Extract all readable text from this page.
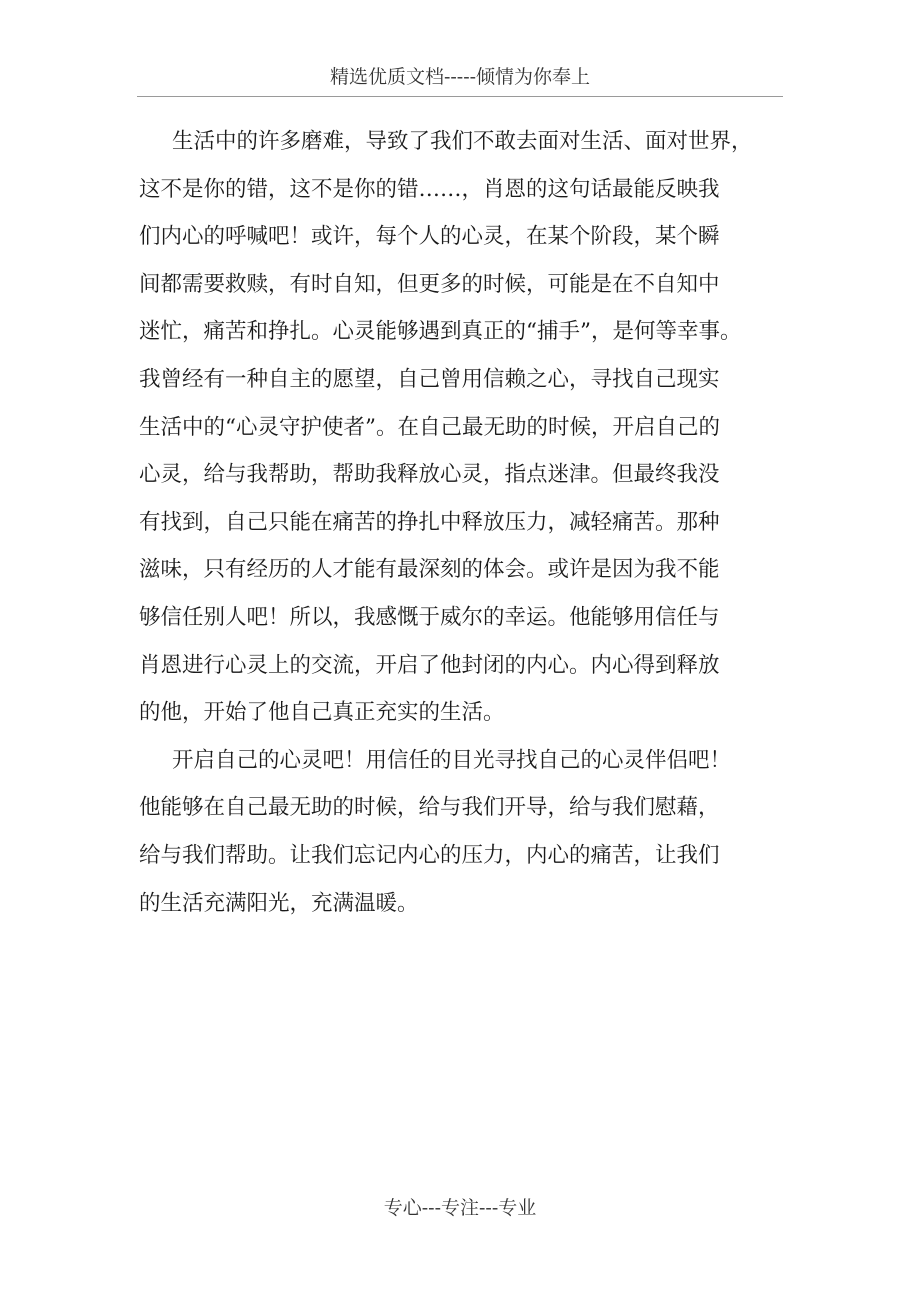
精选优质文档-----倾情为你奉上
生活中的许多磨难，导致了我们不敢去面对生活、面对世界，
这不是你的错，这不是你的错……，肖恩的这句话最能反映我
们内心的呼喊吧！或许，每个人的心灵，在某个阶段，某个瞬
间都需要救赎，有时自知，但更多的时候，可能是在不自知中
迷忙，痛苦和挣扎。心灵能够遇到真正的“捕手”，是何等幸事。
我曾经有一种自主的愿望，自己曾用信赖之心，寻找自己现实
生活中的“心灵守护使者”。在自己最无助的时候，开启自己的
心灵，给与我帮助，帮助我释放心灵，指点迷津。但最终我没
有找到，自己只能在痛苦的挣扎中释放压力，减轻痛苦。那种
滋味，只有经历的人才能有最深刻的体会。或许是因为我不能
够信任别人吧！所以，我感慨于威尔的幸运。他能够用信任与
肖恩进行心灵上的交流，开启了他封闭的内心。内心得到释放
的他，开始了他自己真正充实的生活。
开启自己的心灵吧！用信任的目光寻找自己的心灵伴侣吧！
他能够在自己最无助的时候，给与我们开导，给与我们慰藉，
给与我们帮助。让我们忘记内心的压力，内心的痛苦，让我们
的生活充满阳光，充满温暖。
专心---专注---专业
